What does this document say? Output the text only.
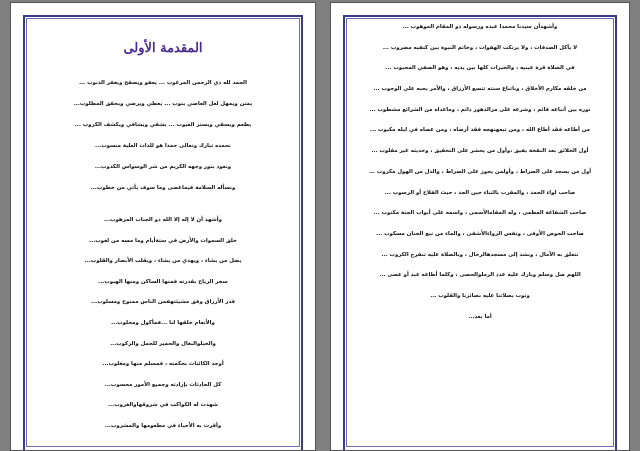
المقدمة الأولى
الحمد لله ذي الرحمن المرغوب ... يعفو ويصفح ويغفر الذنوب ...
يمتن ويمهل لعل العاصي يتوب ... يعطي ويرضي ويحقق المطلوب...
يطعم ويسقي ويستر العيوب ... يشفي ويشافي ويكشف الكروب ...
نحمده تبارك وتعالى حمدا هو للذات العلية منسوب...
ونعوذ بنور وجهه الكريم من شر الوسواس الكذوب...
ونسأله السلامة فيماعصى وما سوف يأتي من خطوب...
وأشهد أن لا إله إلا الله ذو الجناب المرهوب...
خلق السموات والأرض في ستةأيام وما مسه من لغوب...
يضل من يشاء ، ويهدي من يشاء ، ويقلب الأبصار والقلوب...
سخر الرياح بقدرته فمنها الساكن ومنها الهبوب...
قدر الأرزاق وفق مشيئتهفمن الناس ممنوح ومسلوب...
والأنعام خلقها لنا ...فمأكول ومحلوب...
والخيلوالبغال والحمير للحمل والركوب...
أوجد الكائنات بحكمته ، فمسلم منها ومغلوب...
كل الحادثات بإرادته وجميع الأمور محسوب...
شهدت له الكواكب في شروقهاوالغروب...
وأقرت به الأحياء في مطعومها والمشروب...
وأشهدأن سيدنا محمدا عبده ورسوله ذو المقام الموهوب ...
لا يأكل الصدقات ، ولا يرتكب الهفوات ، وخاتم النبوة بين كتفيه مضروب ...
في الصلاة قرة عينيه ، والخيرات كلها بين يديه ، وهو الصفي المحبوب ...
من خلقه مكارم الأخلاق ، وباتباع سنته تتسع الأرزاق ، والأمر بحبه على الوجوب ...
نوره بين أتباعه قائم ، وشرعه على مرالدهور دائم ، وماعداه من الشرائع مشطوب ...
من أطاعه فقد أطاع الله ، ومن تبعهنهجه فقد أرضاه ، ومن عصاه في ليله مكبوب ...
أول الخلائق بعد النفخة يفيق ،وأول من يحشر على التحقيق ، وحديثه غير مقلوب ...
أول من يسجد على الصراط ، وأولمن يجوز على الصراط ، والذل من الهول مكروب ...
صاحب لواء الحمد ، والمقرب بالثناء حين الجد ، حيث الفلاح أو الرسوب ...
صاحب الشفاعة العظمى ، وله المقامالأسمى ، واسمه على أبواب الجنة مكتوب ...
صاحب الحوض الأوفى ، ونفس الرواءالأشفى ، والماء من نبع الجنان مسكوب ...
نتعلق به الآمال ، ونشد إلى مسجدهالرحال ، وبالصلاة عليه تنفرج الكروب ...
اللهم صل وسلم وبارك عليه عدد الرملوالحصى ، وكلما أطاعه عبد أو عصى ...
وتوب بصلاتنا عليه بصائرنا والقلوب ...
أما بعد...
